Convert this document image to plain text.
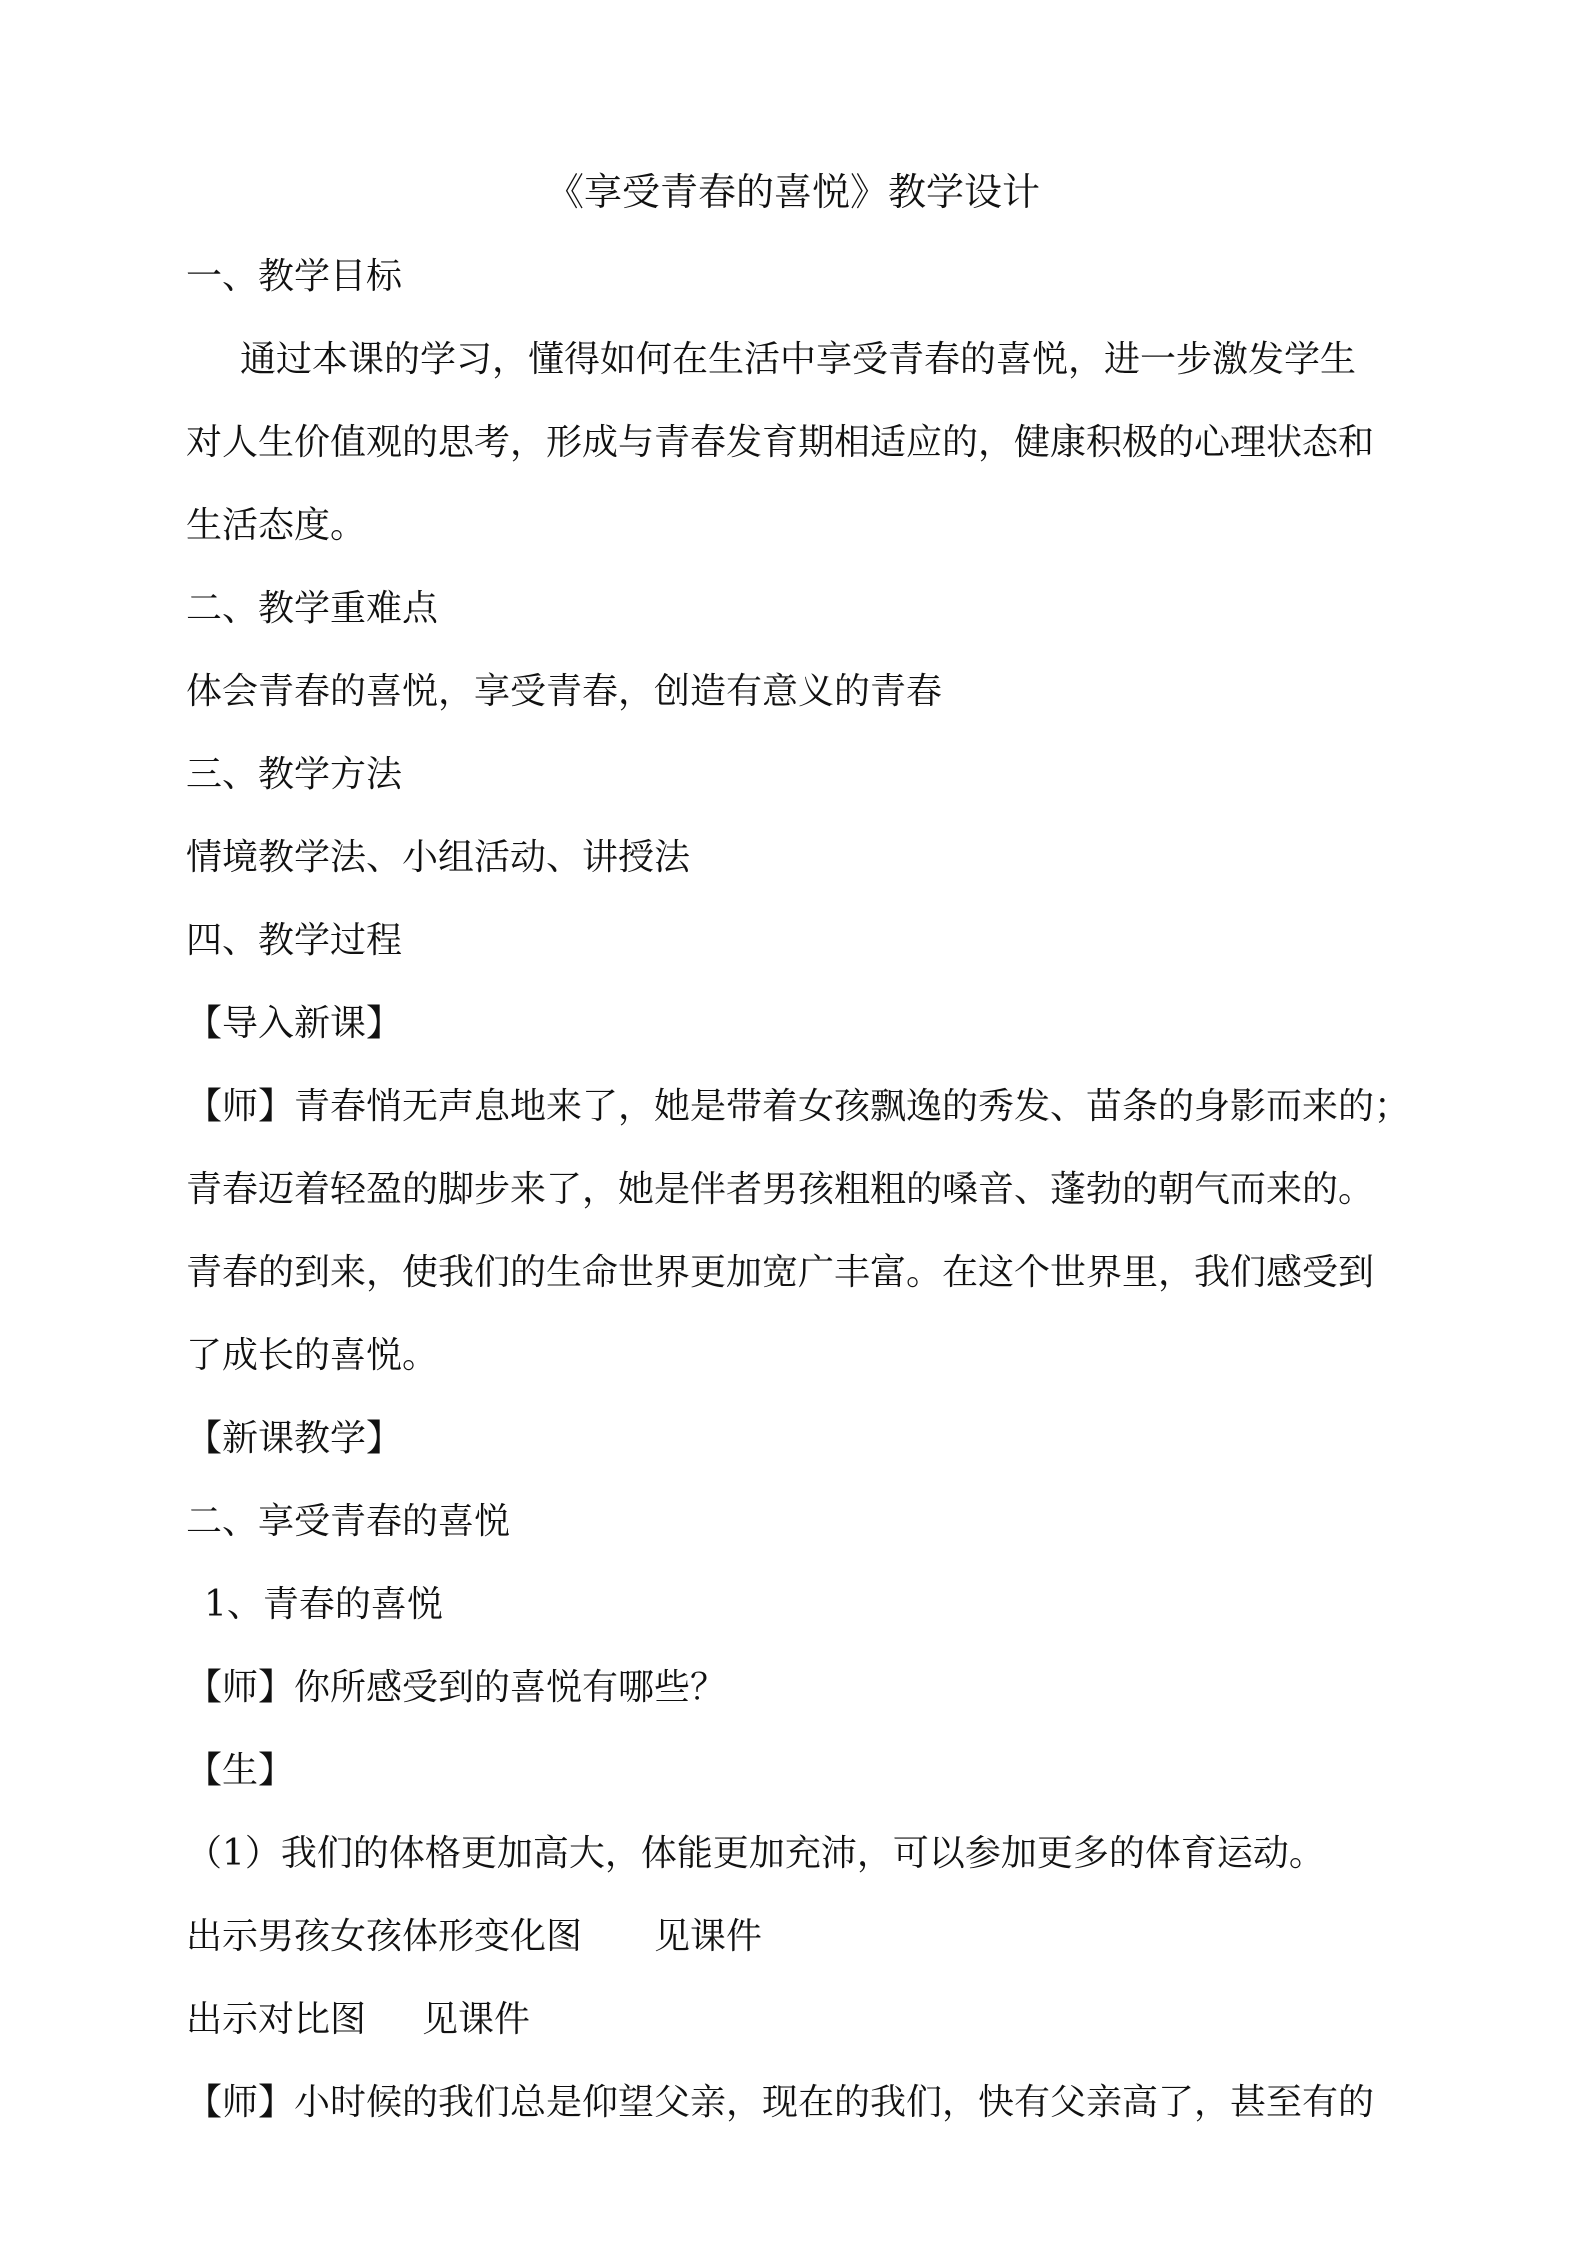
《享受青春的喜悦》教学设计
一、教学目标
通过本课的学习，懂得如何在生活中享受青春的喜悦，进一步激发学生
对人生价值观的思考，形成与青春发育期相适应的，健康积极的心理状态和
生活态度。
二、教学重难点
体会青春的喜悦，享受青春，创造有意义的青春
三、教学方法
情境教学法、小组活动、讲授法
四、教学过程
【导入新课】
【师】青春悄无声息地来了，她是带着女孩飘逸的秀发、苗条的身影而来的；
青春迈着轻盈的脚步来了，她是伴者男孩粗粗的嗓音、蓬勃的朝气而来的。
青春的到来，使我们的生命世界更加宽广丰富。在这个世界里，我们感受到
了成长的喜悦。
【新课教学】
二、享受青春的喜悦
1、青春的喜悦
【师】你所感受到的喜悦有哪些？
【生】
（1）我们的体格更加高大，体能更加充沛，可以参加更多的体育运动。
出示男孩女孩体形变化图 见课件
出示对比图 见课件
【师】小时候的我们总是仰望父亲，现在的我们，快有父亲高了，甚至有的
